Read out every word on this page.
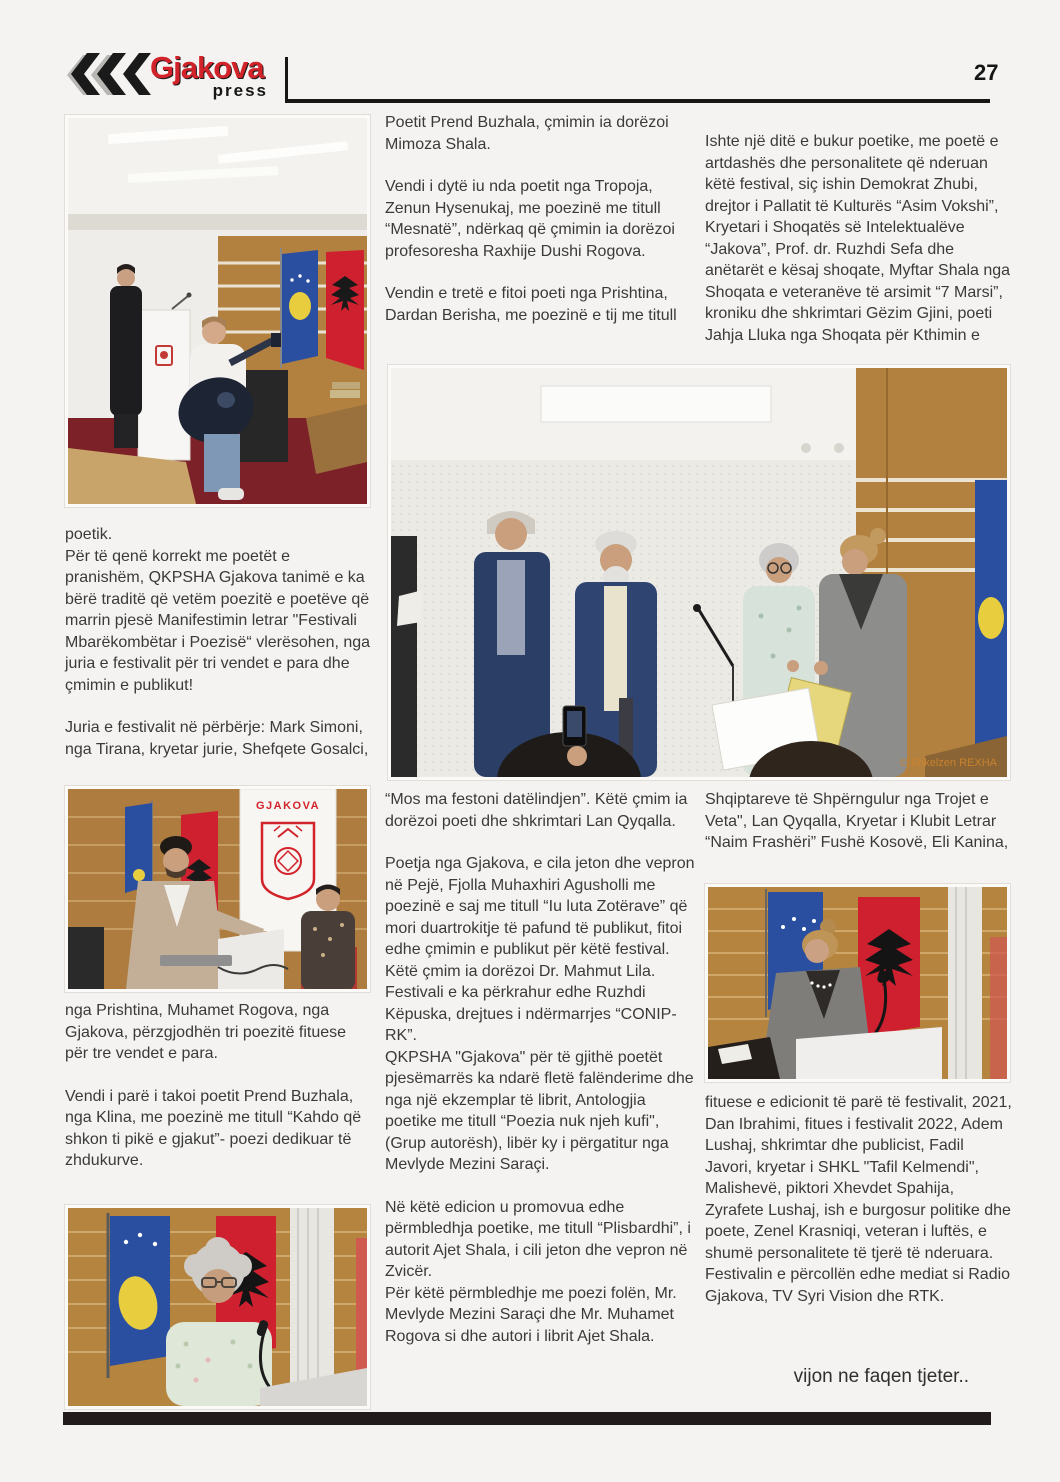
Gjakova
press
27

poetik.

Për të qenë korrekt me poetët e pranishëm, QKPSHA Gjakova tanimë e ka bërë traditë që vetëm poezitë e poetëve që marrin pjesë Manifestimin letrar "Festivali Mbarëkombëtar i Poezisë“ vlerësohen, nga juria e festivalit për tri vendet e para dhe çmimin e publikut!

Juria e festivalit në përbërje: Mark Simoni, nga Tirana, kryetar jurie, Shefqete Gosalci,

GJAKOVA

nga Prishtina, Muhamet Rogova, nga Gjakova, përzgjodhën tri poezitë fituese për tre vendet e para.

Vendi i parë i takoi poetit Prend Buzhala, nga Klina, me poezinë me titull “Kahdo që shkon ti pikë e gjakut”- poezi dedikuar të zhdukurve.

Poetit Prend Buzhala, çmimin ia dorëzoi Mimoza Shala.

Vendi i dytë iu nda poetit nga Tropoja, Zenun Hysenukaj, me poezinë me titull “Mesnatë”, ndërkaq që çmimin ia dorëzoi profesoresha Raxhije Dushi Rogova.

Vendin e tretë e fitoi poeti nga Prishtina, Dardan Berisha, me poezinë e tij me titull

© Shkelzen REXHA

“Mos ma festoni datëlindjen”. Këtë çmim ia dorëzoi poeti dhe shkrimtari Lan Qyqalla.

Poetja nga Gjakova, e cila jeton dhe vepron në Pejë, Fjolla Muhaxhiri Agusholli me poezinë e saj me titull “Iu luta Zotërave” që mori duartrokitje të pafund të publikut, fitoi edhe çmimin e publikut për këtë festival. Këtë çmim ia dorëzoi Dr. Mahmut Lila.

Festivali e ka përkrahur edhe Ruzhdi Këpuska, drejtues i ndërmarrjes “CONIP-RK”.

QKPSHA "Gjakova" për të gjithë poetët pjesëmarrës ka ndarë fletë falënderime dhe nga një ekzemplar të librit, Antologjia poetike me titull “Poezia nuk njeh kufi", (Grup autorësh), libër ky i përgatitur nga Mevlyde Mezini Saraçi.

Në këtë edicion u promovua edhe përmbledhja poetike, me titull “Plisbardhi”, i autorit Ajet Shala, i cili jeton dhe vepron në Zvicër.

Për këtë përmbledhje me poezi folën, Mr. Mevlyde Mezini Saraçi dhe Mr. Muhamet Rogova si dhe autori i librit Ajet Shala.

Ishte një ditë e bukur poetike, me poetë e artdashës dhe personalitete që nderuan këtë festival, siç ishin Demokrat Zhubi, drejtor i Pallatit të Kulturës “Asim Vokshi”, Kryetari i Shoqatës së Intelektualëve “Jakova”, Prof. dr. Ruzhdi Sefa dhe anëtarët e kësaj shoqate, Myftar Shala nga Shoqata e veteranëve të arsimit “7 Marsi”, kroniku dhe shkrimtari Gëzim Gjini, poeti Jahja Lluka nga Shoqata për Kthimin e

Shqiptareve të Shpërngulur nga Trojet e Veta", Lan Qyqalla, Kryetar i Klubit Letrar “Naim Frashëri” Fushë Kosovë, Eli Kanina,

fituese e edicionit të parë të festivalit, 2021, Dan Ibrahimi, fitues i festivalit 2022, Adem Lushaj, shkrimtar dhe publicist, Fadil Javori, kryetar i SHKL "Tafil Kelmendi", Malishevë, piktori Xhevdet Spahija, Zyrafete Lushaj, ish e burgosur politike dhe poete, Zenel Krasniqi, veteran i luftës, e shumë personalitete të tjerë të nderuara. Festivalin e përcollën edhe mediat si Radio Gjakova, TV Syri Vision dhe RTK.

vijon ne faqen tjeter..
